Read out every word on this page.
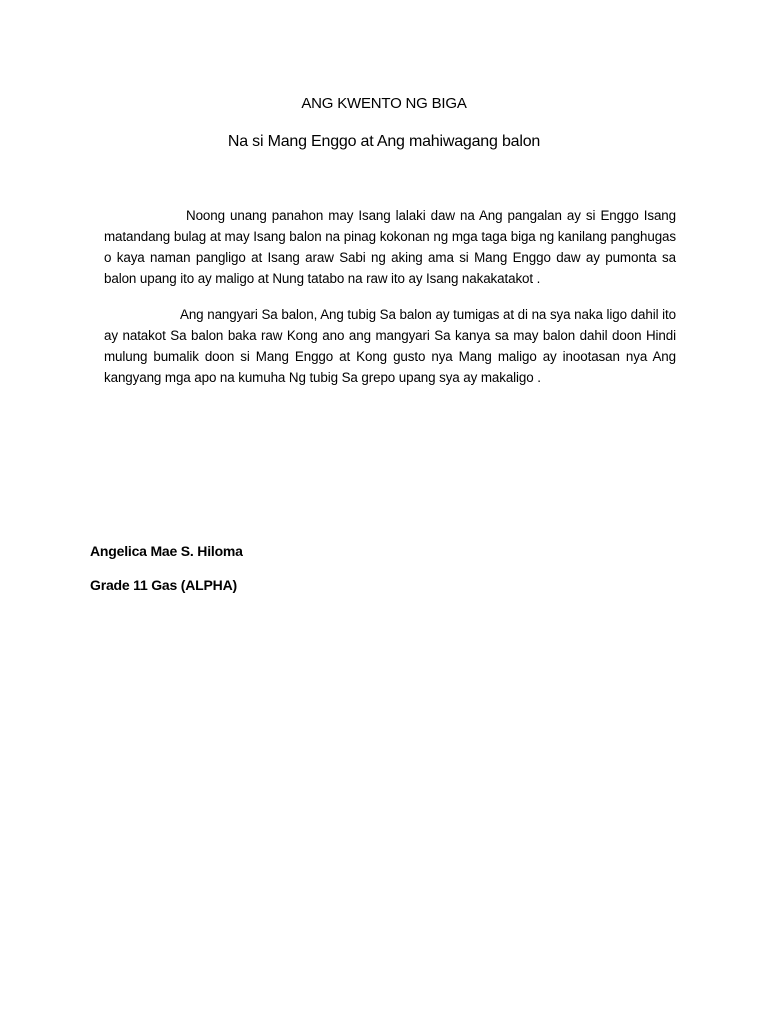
ANG KWENTO NG BIGA

Na si Mang Enggo at Ang mahiwagang balon

Noong unang panahon may Isang lalaki daw na Ang pangalan ay si Enggo Isang matandang bulag at may Isang balon na pinag kokonan ng mga taga biga ng kanilang panghugas o kaya naman pangligo at Isang araw Sabi ng aking ama si Mang Enggo daw ay pumonta sa balon upang ito ay maligo at Nung tatabo na raw ito ay Isang nakakatakot .

Ang nangyari Sa balon, Ang tubig Sa balon ay tumigas at di na sya naka ligo dahil ito ay natakot Sa balon baka raw Kong ano ang mangyari Sa kanya sa may balon dahil doon Hindi mulung bumalik doon si Mang Enggo at Kong gusto nya Mang maligo ay inootasan nya Ang kangyang mga apo na kumuha Ng tubig Sa grepo upang sya ay makaligo .

Angelica Mae S. Hiloma

Grade 11 Gas (ALPHA)
